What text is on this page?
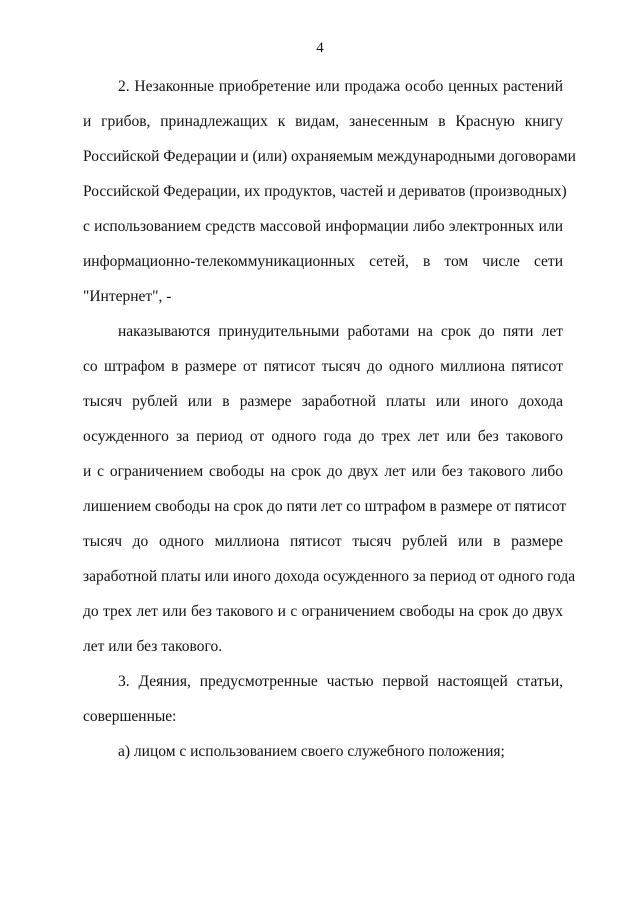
4
2. Незаконные приобретение или продажа особо ценных растений
и грибов, принадлежащих к видам, занесенным в Красную книгу
Российской Федерации и (или) охраняемым международными договорами
Российской Федерации, их продуктов, частей и дериватов (производных)
с использованием средств массовой информации либо электронных или
информационно-телекоммуникационных сетей, в том числе сети
"Интернет", -
наказываются принудительными работами на срок до пяти лет
со штрафом в размере от пятисот тысяч до одного миллиона пятисот
тысяч рублей или в размере заработной платы или иного дохода
осужденного за период от одного года до трех лет или без такового
и с ограничением свободы на срок до двух лет или без такового либо
лишением свободы на срок до пяти лет со штрафом в размере от пятисот
тысяч до одного миллиона пятисот тысяч рублей или в размере
заработной платы или иного дохода осужденного за период от одного года
до трех лет или без такового и с ограничением свободы на срок до двух
лет или без такового.
3. Деяния, предусмотренные частью первой настоящей статьи,
совершенные:
а) лицом с использованием своего служебного положения;
